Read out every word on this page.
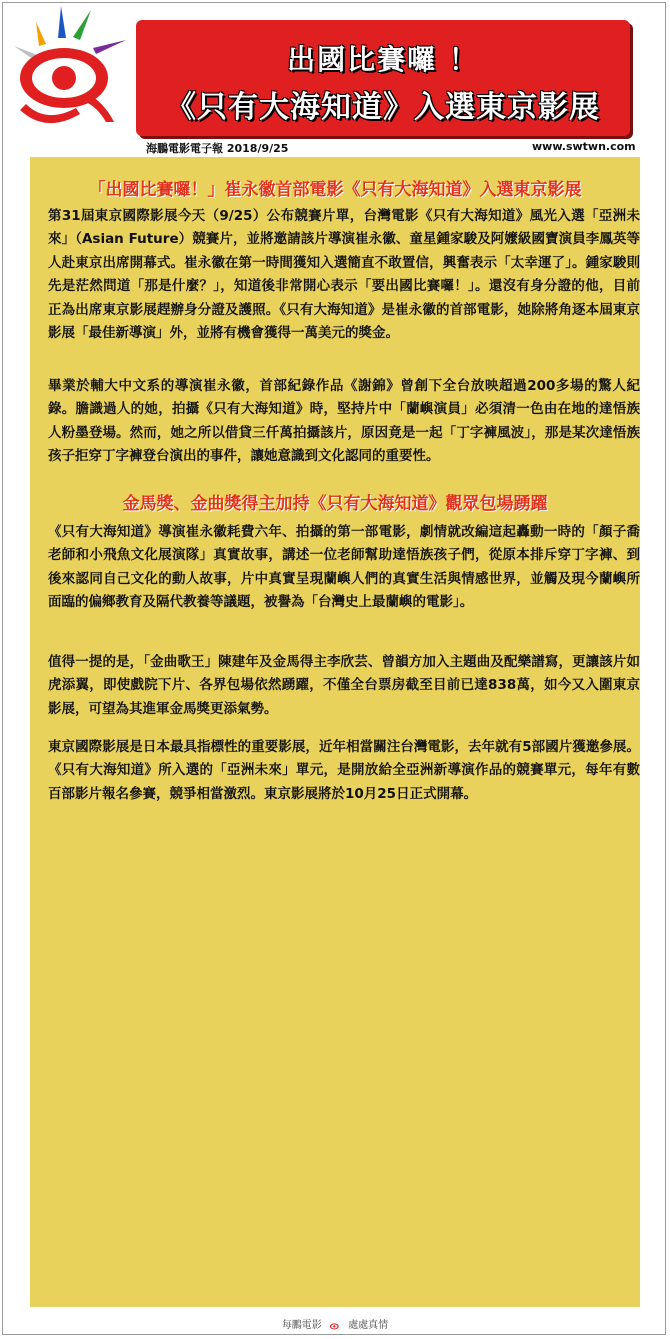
出國比賽囉 ！
《只有大海知道》入選東京影展
海鵬電影電子報 2018/9/25	www.swtwn.com
「出國比賽囉！」崔永徽首部電影《只有大海知道》入選東京影展
第31屆東京國際影展今天（9/25）公布競賽片單，台灣電影《只有大海知道》風光入選「亞洲未來」（Asian Future）競賽片，並將邀請該片導演崔永徽、童星鍾家駿及阿嬤級國寶演員李鳳英等人赴東京出席開幕式。崔永徽在第一時間獲知入選簡直不敢置信，興奮表示「太幸運了」。鍾家駿則先是茫然問道「那是什麼？」，知道後非常開心表示「要出國比賽囉！」。還沒有身分證的他，目前正為出席東京影展趕辦身分證及護照。《只有大海知道》是崔永徽的首部電影，她除將角逐本屆東京影展「最佳新導演」外，並將有機會獲得一萬美元的獎金。
畢業於輔大中文系的導演崔永徽，首部紀錄作品《謝錦》曾創下全台放映超過200多場的驚人紀錄。膽識過人的她，拍攝《只有大海知道》時，堅持片中「蘭嶼演員」必須清一色由在地的達悟族人粉墨登場。然而，她之所以借貸三仟萬拍攝該片，原因竟是一起「丁字褲風波」，那是某次達悟族孩子拒穿丁字褲登台演出的事件，讓她意識到文化認同的重要性。
金馬獎、金曲獎得主加持《只有大海知道》觀眾包場踴躍
《只有大海知道》導演崔永徽耗費六年、拍攝的第一部電影，劇情就改編這起轟動一時的「顏子喬老師和小飛魚文化展演隊」真實故事，講述一位老師幫助達悟族孩子們，從原本排斥穿丁字褲、到後來認同自己文化的動人故事，片中真實呈現蘭嶼人們的真實生活與情感世界，並觸及現今蘭嶼所面臨的偏鄉教育及隔代教養等議題，被譽為「台灣史上最蘭嶼的電影」。
值得一提的是，「金曲歌王」陳建年及金馬得主李欣芸、曾韻方加入主題曲及配樂譜寫，更讓該片如虎添翼，即使戲院下片、各界包場依然踴躍，不僅全台票房截至目前已達838萬，如今又入圍東京影展，可望為其進軍金馬獎更添氣勢。
東京國際影展是日本最具指標性的重要影展，近年相當關注台灣電影，去年就有5部國片獲邀參展。《只有大海知道》所入選的「亞洲未來」單元，是開放給全亞洲新導演作品的競賽單元，每年有數百部影片報名參賽，競爭相當激烈。東京影展將於10月25日正式開幕。
每鵬電影	處處真情
